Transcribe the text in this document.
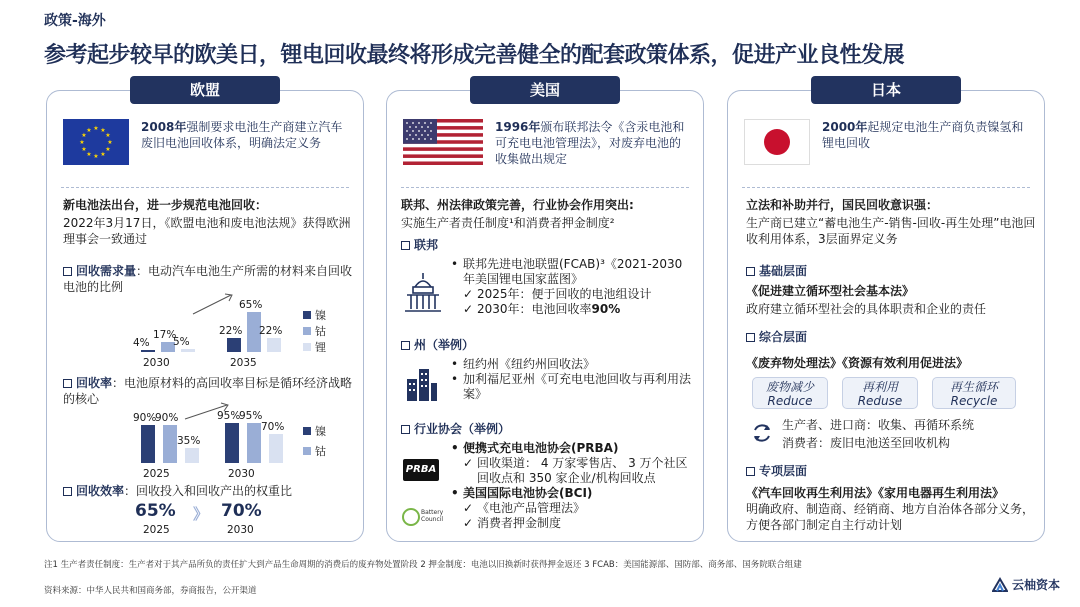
政策-海外
参考起步较早的欧美日，锂电回收最终将形成完善健全的配套政策体系，促进产业良性发展
欧盟
★ ★
★
★
★
★
★
★
★
★
★
★	2008年强制要求电池生产商建立汽车废旧电池回收体系，明确法定义务
新电池法出台，进一步规范电池回收：
2022年3月17日，《欧盟电池和废电池法规》获得欧洲理事会一致通过
回收需求量：电动汽车电池生产所需的材料来自回收电池的比例
4%
17%
5%
22%
65%
22%
镍
钴
锂
2030	2035
回收率：电池原材料的高回收率目标是循环经济战略的核心
90%
90%
35%
95%
95%
70%	镍
钴
2025	2030
回收效率：回收投入和回收产出的权重比
65%
2025
》 70%
2030
美国
1996年颁布联邦法令《含汞电池和可充电电池管理法》，对废弃电池的收集做出规定
联邦、州法律政策完善，行业协会作用突出:
实施生产者责任制度¹和消费者押金制度²
联邦
• 联邦先进电池联盟(FCAB)³《2021-2030年美国锂电国家蓝图》
✓ 2025年：便于回收的电池组设计
✓ 2030年：电池回收率90%
州（举例）
• 纽约州《纽约州回收法》
• 加利福尼亚州《可充电电池回收与再利用法案》
行业协会（举例）
PRBA
Battery
Council
• 便携式充电电池协会(PRBA)
✓ 回收渠道： 4 万家零售店、 3 万个社区回收点和 350 家企业/机构回收点
• 美国国际电池协会(BCI)
✓ 《电池产品管理法》
✓ 消费者押金制度
日本
2000年起规定电池生产商负责镍氢和锂电回收
立法和补助并行，国民回收意识强：
生产商已建立“蓄电池生产-销售-回收-再生处理”电池回收利用体系，3层面界定义务
基础层面
《促进建立循环型社会基本法》
政府建立循环型社会的具体职责和企业的责任
综合层面
《废弃物处理法》《资源有效利用促进法》
废物减少
Reduce
再利用
Reduse
再生循环
Recycle
生产者、进口商：收集、再循环系统
消费者：废旧电池送至回收机构
专项层面
《汽车回收再生利用法》《家用电器再生利用法》
明确政府、制造商、经销商、地方自治体各部分义务，方便各部门制定自主行动计划
注1 生产者责任制度：生产者对于其产品所负的责任扩大到产品生命周期的消费后的废弃物处置阶段 2 押金制度：电池以旧换新时获得押金返还 3 FCAB：美国能源部、国防部、商务部、国务院联合组建
资料来源：中华人民共和国商务部，券商报告，公开渠道	云柚资本
